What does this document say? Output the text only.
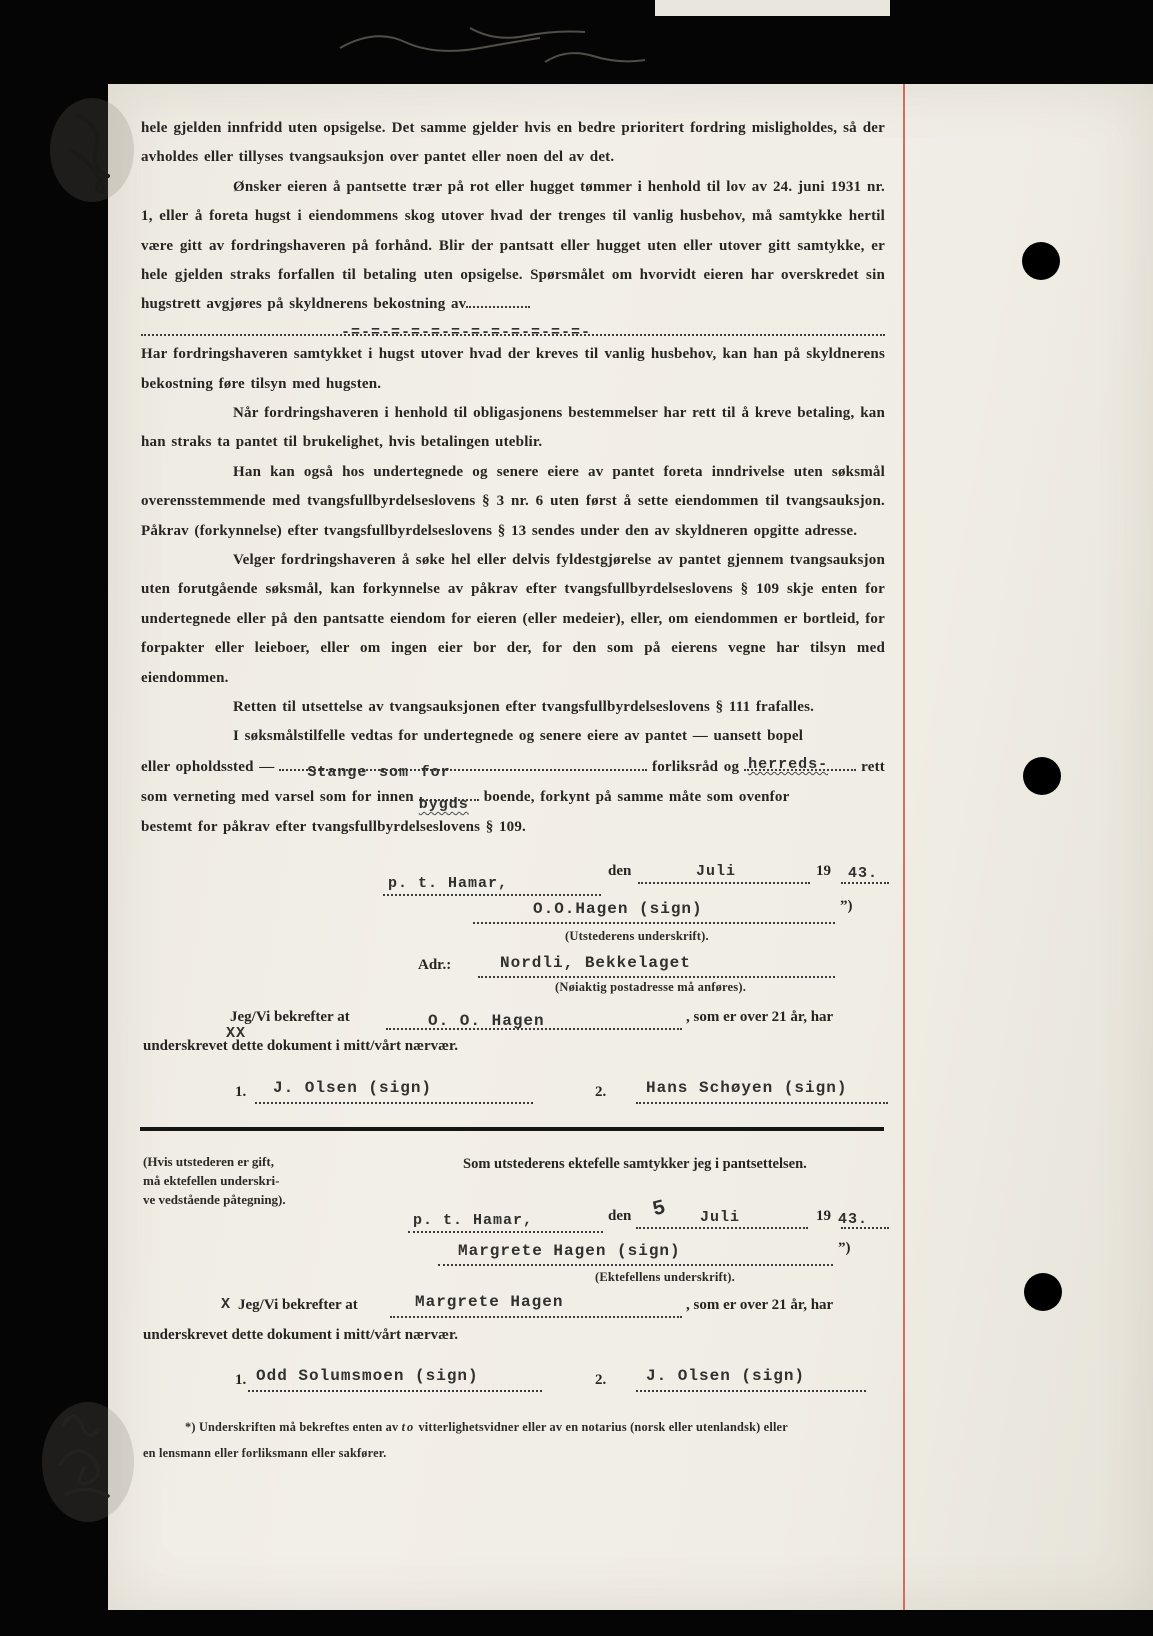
hele gjelden innfridd uten opsigelse. Det samme gjelder hvis en bedre prioritert fordring misligholdes, så der avholdes eller tillyses tvangsauksjon over pantet eller noen del av det.

Ønsker eieren å pantsette trær på rot eller hugget tømmer i henhold til lov av 24. juni 1931 nr. 1, eller å foreta hugst i eiendommens skog utover hvad der trenges til vanlig husbehov, må samtykke hertil være gitt av fordringshaveren på forhånd. Blir der pantsatt eller hugget uten eller utover gitt samtykke, er hele gjelden straks forfallen til betaling uten opsigelse. Spørsmålet om hvorvidt eieren har overskredet sin hugstrett avgjøres på skyldnerens bekostning av

-=-=-=-=-=-=-=-=-=-=-=-=-

Har fordringshaveren samtykket i hugst utover hvad der kreves til vanlig husbehov, kan han på skyldnerens bekostning føre tilsyn med hugsten.

Når fordringshaveren i henhold til obligasjonens bestemmelser har rett til å kreve betaling, kan han straks ta pantet til brukelighet, hvis betalingen uteblir.

Han kan også hos undertegnede og senere eiere av pantet foreta inndrivelse uten søksmål overensstemmende med tvangsfullbyrdelseslovens § 3 nr. 6 uten først å sette eiendommen til tvangsauksjon. Påkrav (forkynnelse) efter tvangsfullbyrdelseslovens § 13 sendes under den av skyldneren opgitte adresse.

Velger fordringshaveren å søke hel eller delvis fyldestgjørelse av pantet gjennem tvangsauksjon uten forutgående søksmål, kan forkynnelse av påkrav efter tvangsfullbyrdelseslovens § 109 skje enten for undertegnede eller på den pantsatte eiendom for eieren (eller medeier), eller, om eiendommen er bortleid, for forpakter eller leieboer, eller om ingen eier bor der, for den som på eierens vegne har tilsyn med eiendommen.

Retten til utsettelse av tvangsauksjonen efter tvangsfullbyrdelseslovens § 111 frafalles.

I søksmålstilfelle vedtas for undertegnede og senere eiere av pantet — uansett bopel

eller opholdssted — Stange som for	forliksråd og herreds- rett
som verneting med varsel som for innen bygds boende, forkynt på samme måte som ovenfor

bestemt for påkrav efter tvangsfullbyrdelseslovens § 109.

p. t. Hamar,
den	Juli	19 43.
O.O.Hagen (sign)	”)
(Utstederens underskrift).
Adr.:	Nordli, Bekkelaget
(Nøiaktig postadresse må anføres).
Jeg/Vi bekrefter at
XX
O. O. Hagen	, som er over 21 år, har
underskrevet dette dokument i mitt/vårt nærvær.
1. J. Olsen (sign)	2. Hans Schøyen (sign)
(Hvis utstederen er gift,
må ektefellen underskri-
ve vedstående påtegning).
Som utstederens ektefelle samtykker jeg i pantsettelsen.
p. t. Hamar,	den 5 Juli	19 43.
Margrete Hagen (sign)	”)
(Ektefellens underskrift).
X Jeg/Vi bekrefter at	Margrete Hagen	, som er over 21 år, har
underskrevet dette dokument i mitt/vårt nærvær.
1. Odd Solumsmoen (sign)	2. J. Olsen (sign)
*) Underskriften må bekreftes enten av to vitterlighetsvidner eller av en notarius (norsk eller utenlandsk) eller
en lensmann eller forliksmann eller sakfører.
